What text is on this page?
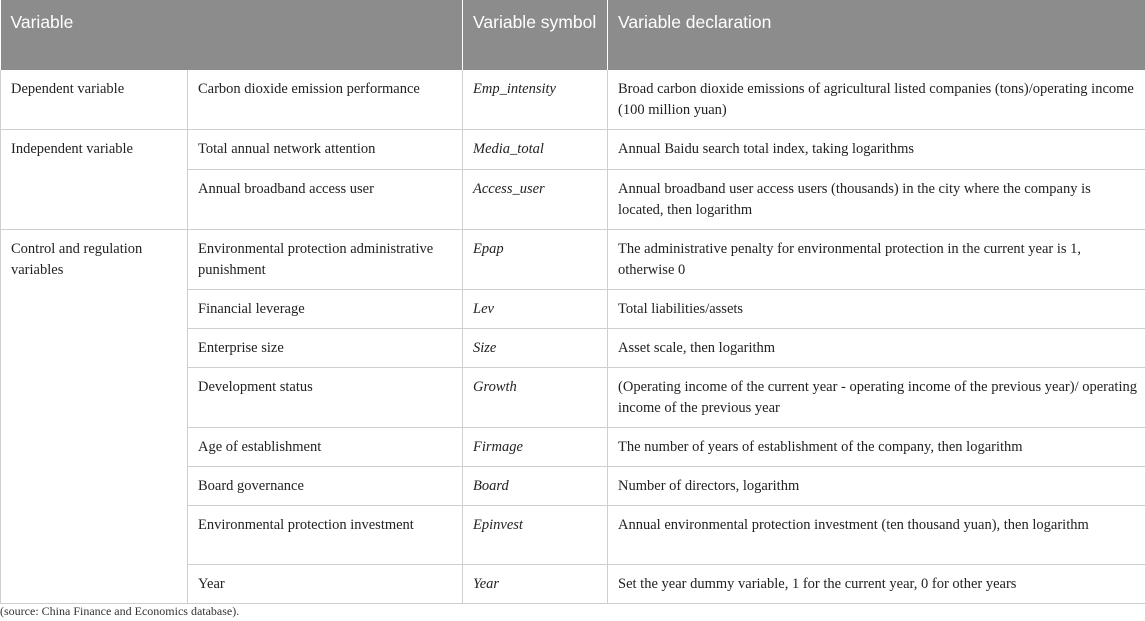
Variable		Variable symbol	Variable declaration
Dependent variable	Carbon dioxide emission performance	Emp_intensity	Broad carbon dioxide emissions of agricultural listed companies (tons)/operating income (100 million yuan)
Independent variable	Total annual network attention	Media_total	Annual Baidu search total index, taking logarithms
	Annual broadband access user	Access_user	Annual broadband user access users (thousands) in the city where the company is located, then logarithm
Control and regulation variables	Environmental protection administrative punishment	Epap	The administrative penalty for environmental protection in the current year is 1, otherwise 0
	Financial leverage	Lev	Total liabilities/assets
	Enterprise size	Size	Asset scale, then logarithm
	Development status	Growth	(Operating income of the current year - operating income of the previous year)/ operating income of the previous year
	Age of establishment	Firmage	The number of years of establishment of the company, then logarithm
	Board governance	Board	Number of directors, logarithm
	Environmental protection investment	Epinvest	Annual environmental protection investment (ten thousand yuan), then logarithm
	Year	Year	Set the year dummy variable, 1 for the current year, 0 for other years
(source: China Finance and Economics database).
